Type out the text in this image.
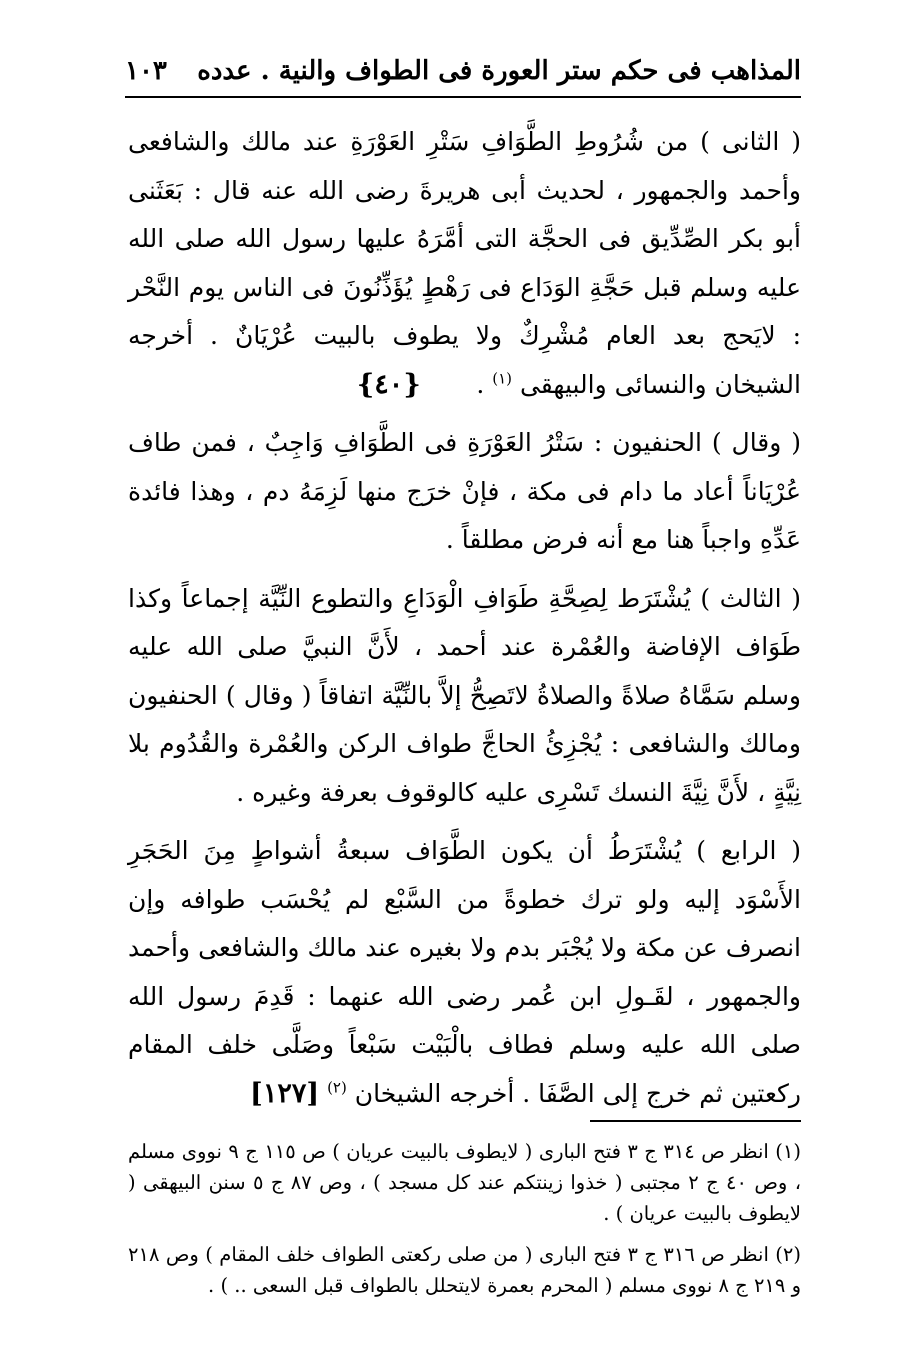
المذاهب فى حكم ستر العورة فى الطواف والنية . عدده
١٠٣

( الثانى ) من شُرُوطِ الطَّوَافِ سَتْرِ العَوْرَةِ عند مالك والشافعى وأحمد والجمهور ، لحديث أبى هريرةَ رضى الله عنه قال : بَعَثَنى أبو بكر الصِّدِّيق فى الحجَّة التى أمَّرَهُ عليها رسول الله صلى الله عليه وسلم قبل حَجَّةِ الوَدَاع فى رَهْطٍ يُؤَذِّنُونَ فى الناس يوم النَّحْر : لايَحج بعد العام مُشْرِكٌ ولا يطوف بالبيت عُرْيَانٌ . أخرجه الشيخان والنسائى والبيهقى $^{(١)}$ .       {٤٠}

( وقال ) الحنفيون : سَتْرُ العَوْرَةِ فى الطَّوَافِ وَاجِبٌ ، فمن طاف عُرْيَاناً أعاد ما دام فى مكة ، فإنْ خرَج منها لَزِمَهُ دم ، وهذا فائدة عَدِّهِ واجباً هنا مع أنه فرض مطلقاً .

( الثالث ) يُشْتَرَط لِصِحَّةِ طَوَافِ الْوَدَاعِ والتطوع النِّيَّة إجماعاً وكذا طَوَاف الإفاضة والعُمْرة عند أحمد ، لأَنَّ النبيَّ صلى الله عليه وسلم سَمَّاهُ صلاةً والصلاةُ لاتَصِحُّ إلاَّ بالنِّيَّة اتفاقاً ( وقال ) الحنفيون ومالك والشافعى : يُجْزِئُ الحاجَّ طواف الركن والعُمْرة والقُدُوم بلا نِيَّةٍ ، لأَنَّ نِيَّةَ النسك تَسْرِى عليه كالوقوف بعرفة وغيره .

( الرابع ) يُشْتَرَطُ أن يكون الطَّوَاف سبعةُ أشواطٍ مِنَ الحَجَرِ الأَسْوَد إليه ولو ترك خطوةً من السَّبْع لم يُحْسَب طوافه وإن انصرف عن مكة ولا يُجْبَر بدم ولا بغيره عند مالك والشافعى وأحمد والجمهور ، لقَـولِ ابن عُمر رضى الله عنهما : قَدِمَ رسول الله صلى الله عليه وسلم فطاف بالْبَيْت سَبْعاً وصَلَّى خلف المقام ركعتين ثم خرج إلى الصَّفَا . أخرجه الشيخان $^{(٢)}$ [١٢٧]

(١) انظر ص ٣١٤ ج ٣ فتح البارى ( لايطوف بالبيت عريان ) ص ١١٥ ج ٩ نووى مسلم ، وص ٤٠ ج ٢ مجتبى ( خذوا زينتكم عند كل مسجد ) ، وص ٨٧ ج ٥ سنن البيهقى ( لايطوف بالبيت عريان ) .

(٢) انظر ص ٣١٦ ج ٣ فتح البارى ( من صلى ركعتى الطواف خلف المقام ) وص ٢١٨ و ٢١٩ ج ٨ نووى مسلم ( المحرم بعمرة لايتحلل بالطواف قبل السعى .. ) .
